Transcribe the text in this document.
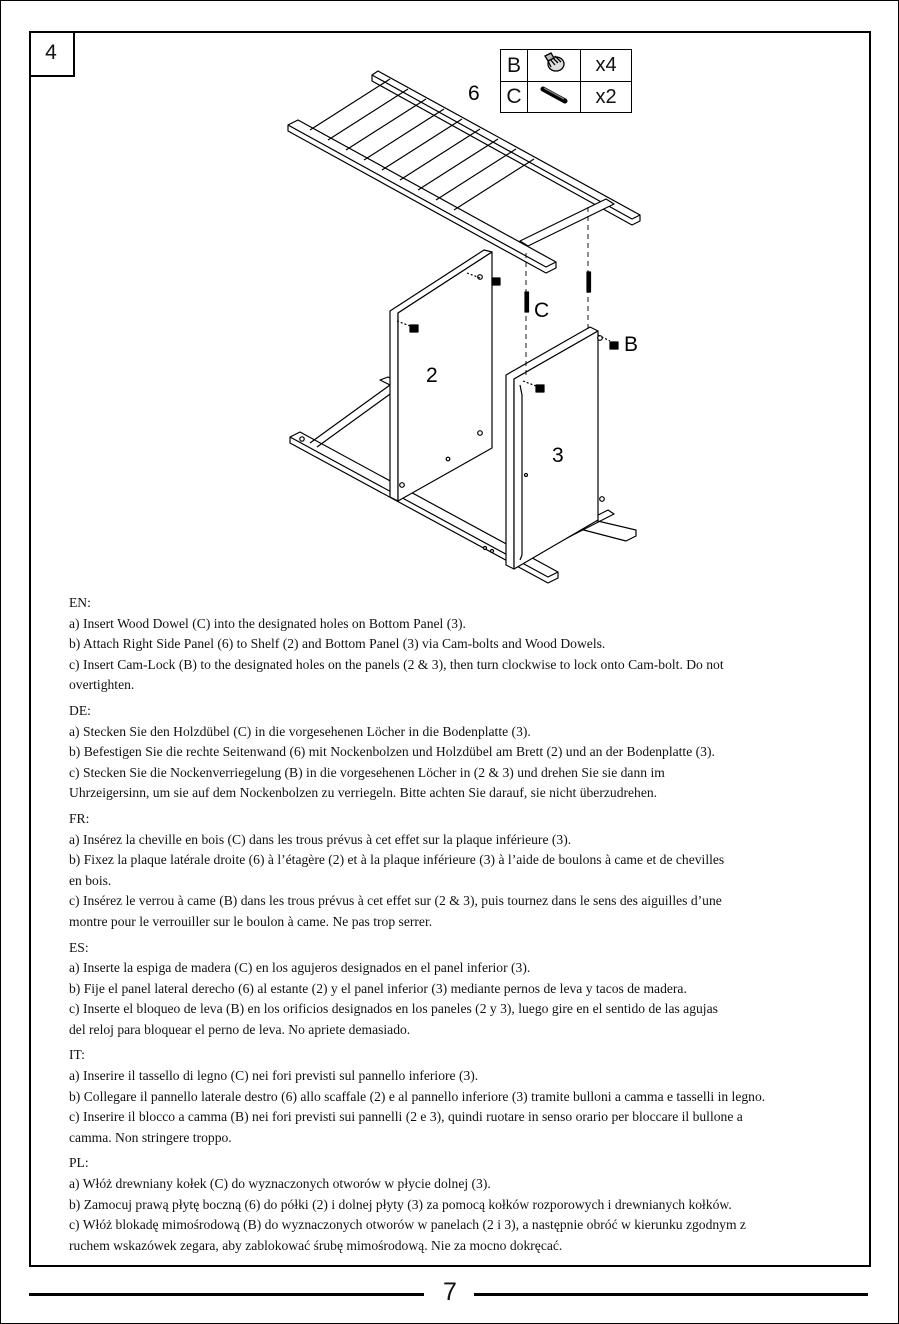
4
B		x4
C		x2
6
2
3
C
B
EN:
a) Insert Wood Dowel (C) into the designated holes on Bottom Panel (3).
b) Attach Right Side Panel (6) to Shelf (2) and Bottom Panel (3) via Cam-bolts and Wood Dowels.
c) Insert Cam-Lock (B) to the designated holes on the panels (2 & 3), then turn clockwise to lock onto Cam-bolt. Do not
overtighten.
DE:
a) Stecken Sie den Holzdübel (C) in die vorgesehenen Löcher in die Bodenplatte (3).
b) Befestigen Sie die rechte Seitenwand (6) mit Nockenbolzen und Holzdübel am Brett (2) und an der Bodenplatte (3).
c) Stecken Sie die Nockenverriegelung (B) in die vorgesehenen Löcher in (2 & 3) und drehen Sie sie dann im
Uhrzeigersinn, um sie auf dem Nockenbolzen zu verriegeln. Bitte achten Sie darauf, sie nicht überzudrehen.
FR:
a) Insérez la cheville en bois (C) dans les trous prévus à cet effet sur la plaque inférieure (3).
b) Fixez la plaque latérale droite (6) à l’étagère (2) et à la plaque inférieure (3) à l’aide de boulons à came et de chevilles
en bois.
c) Insérez le verrou à came (B) dans les trous prévus à cet effet sur (2 & 3), puis tournez dans le sens des aiguilles d’une
montre pour le verrouiller sur le boulon à came. Ne pas trop serrer.
ES:
a) Inserte la espiga de madera (C) en los agujeros designados en el panel inferior (3).
b) Fije el panel lateral derecho (6) al estante (2) y el panel inferior (3) mediante pernos de leva y tacos de madera.
c) Inserte el bloqueo de leva (B) en los orificios designados en los paneles (2 y 3), luego gire en el sentido de las agujas
del reloj para bloquear el perno de leva. No apriete demasiado.
IT:
a) Inserire il tassello di legno (C) nei fori previsti sul pannello inferiore (3).
b) Collegare il pannello laterale destro (6) allo scaffale (2) e al pannello inferiore (3) tramite bulloni a camma e tasselli in legno.
c) Inserire il blocco a camma (B) nei fori previsti sui pannelli (2 e 3), quindi ruotare in senso orario per bloccare il bullone a
camma. Non stringere troppo.
PL:
a) Włóż drewniany kołek (C) do wyznaczonych otworów w płycie dolnej (3).
b) Zamocuj prawą płytę boczną (6) do półki (2) i dolnej płyty (3) za pomocą kołków rozporowych i drewnianych kołków.
c) Włóż blokadę mimośrodową (B) do wyznaczonych otworów w panelach (2 i 3), a następnie obróć w kierunku zgodnym z
ruchem wskazówek zegara, aby zablokować śrubę mimośrodową. Nie za mocno dokręcać.
7
